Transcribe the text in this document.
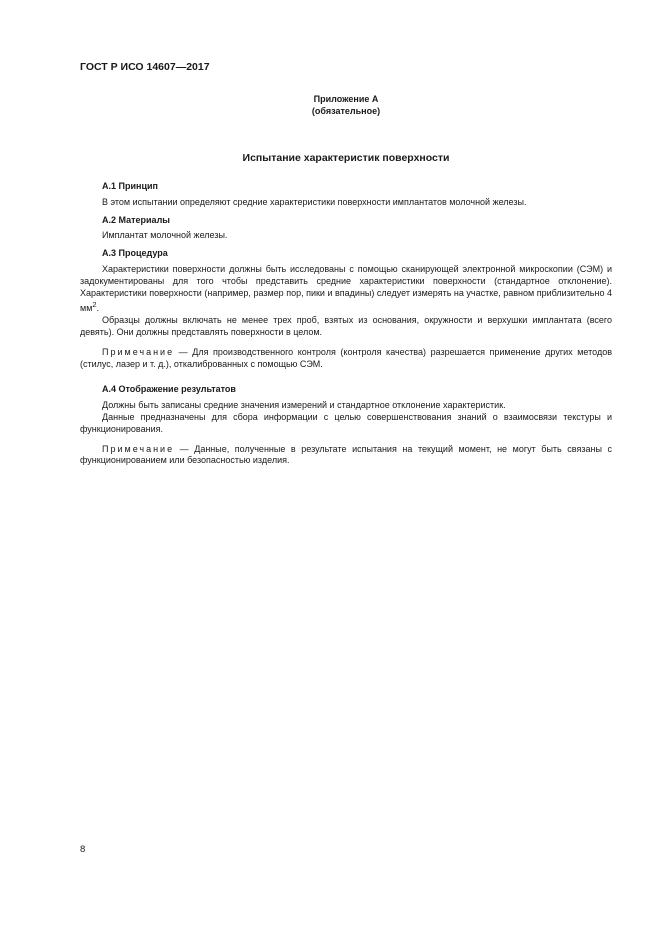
ГОСТ Р ИСО 14607—2017
Приложение А
(обязательное)
Испытание характеристик поверхности
А.1 Принцип

В этом испытании определяют средние характеристики поверхности имплантатов молочной железы.

А.2 Материалы

Имплантат молочной железы.

А.3 Процедура

Характеристики поверхности должны быть исследованы с помощью сканирующей электронной микроскопии (СЭМ) и задокументированы для того чтобы представить средние характеристики поверхности (стандартное отклонение). Характеристики поверхности (например, размер пор, пики и впадины) следует измерять на участке, равном приблизительно 4 $мм^2$.

Образцы должны включать не менее трех проб, взятых из основания, окружности и верхушки имплантата (всего девять). Они должны представлять поверхности в целом.

Примечание — Для производственного контроля (контроля качества) разрешается применение других методов (стилус, лазер и т. д.), откалиброванных с помощью СЭМ.

А.4 Отображение результатов

Должны быть записаны средние значения измерений и стандартное отклонение характеристик.

Данные предназначены для сбора информации с целью совершенствования знаний о взаимосвязи текстуры и функционирования.

Примечание — Данные, полученные в результате испытания на текущий момент, не могут быть связаны с функционированием или безопасностью изделия.

8
